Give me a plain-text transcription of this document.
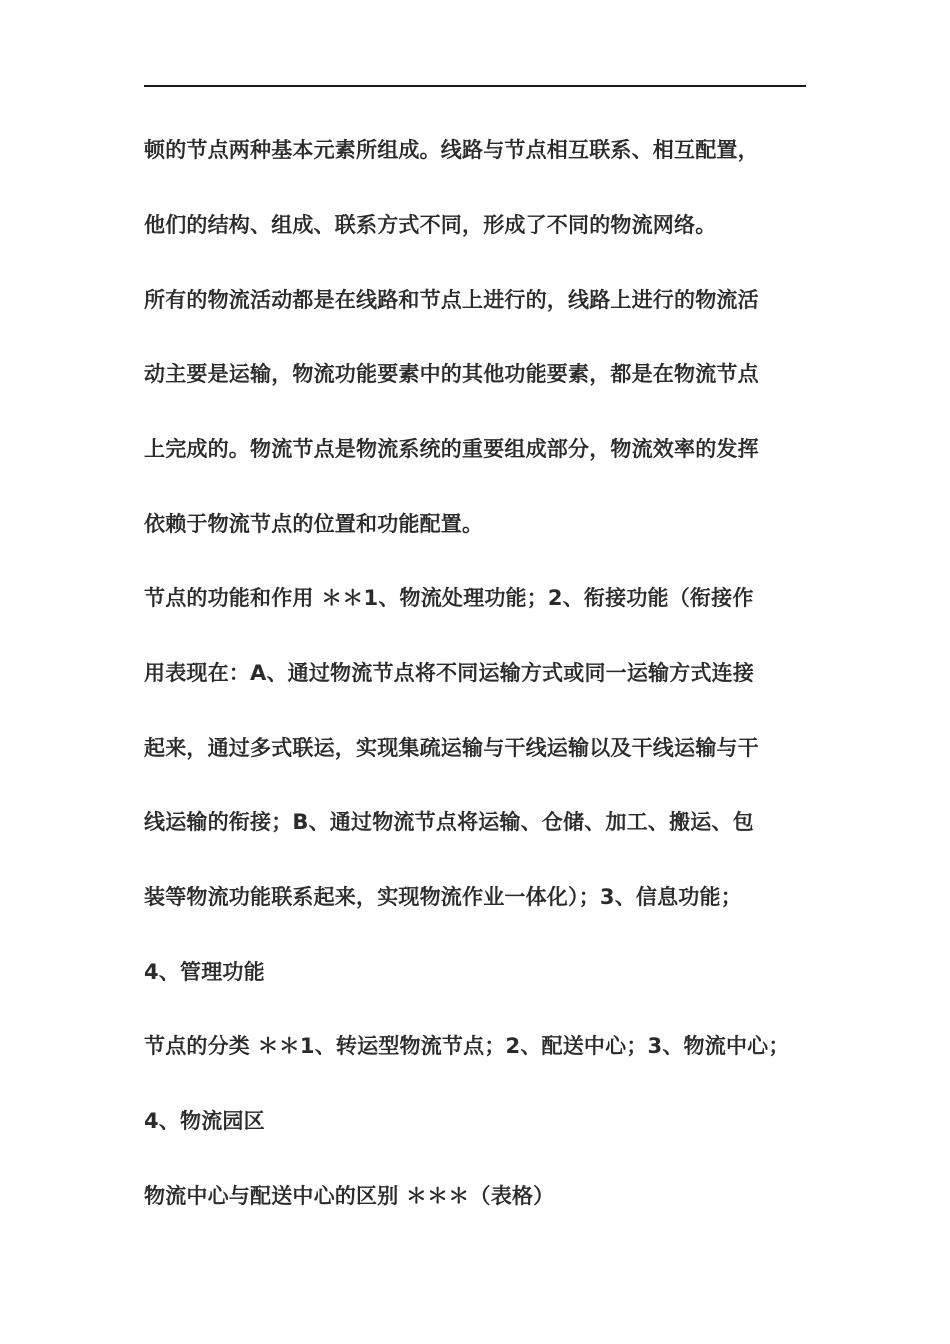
顿的节点两种基本元素所组成。线路与节点相互联系、相互配置，
他们的结构、组成、联系方式不同，形成了不同的物流网络。
所有的物流活动都是在线路和节点上进行的，线路上进行的物流活
动主要是运输，物流功能要素中的其他功能要素，都是在物流节点
上完成的。物流节点是物流系统的重要组成部分，物流效率的发挥
依赖于物流节点的位置和功能配置。
节点的功能和作用 ＊＊1、物流处理功能；2、衔接功能（衔接作
用表现在：A、通过物流节点将不同运输方式或同一运输方式连接
起来，通过多式联运，实现集疏运输与干线运输以及干线运输与干
线运输的衔接；B、通过物流节点将运输、仓储、加工、搬运、包
装等物流功能联系起来，实现物流作业一体化）；3、信息功能；
4、管理功能
节点的分类 ＊＊1、转运型物流节点；2、配送中心；3、物流中心；
4、物流园区
物流中心与配送中心的区别 ＊＊＊（表格）
